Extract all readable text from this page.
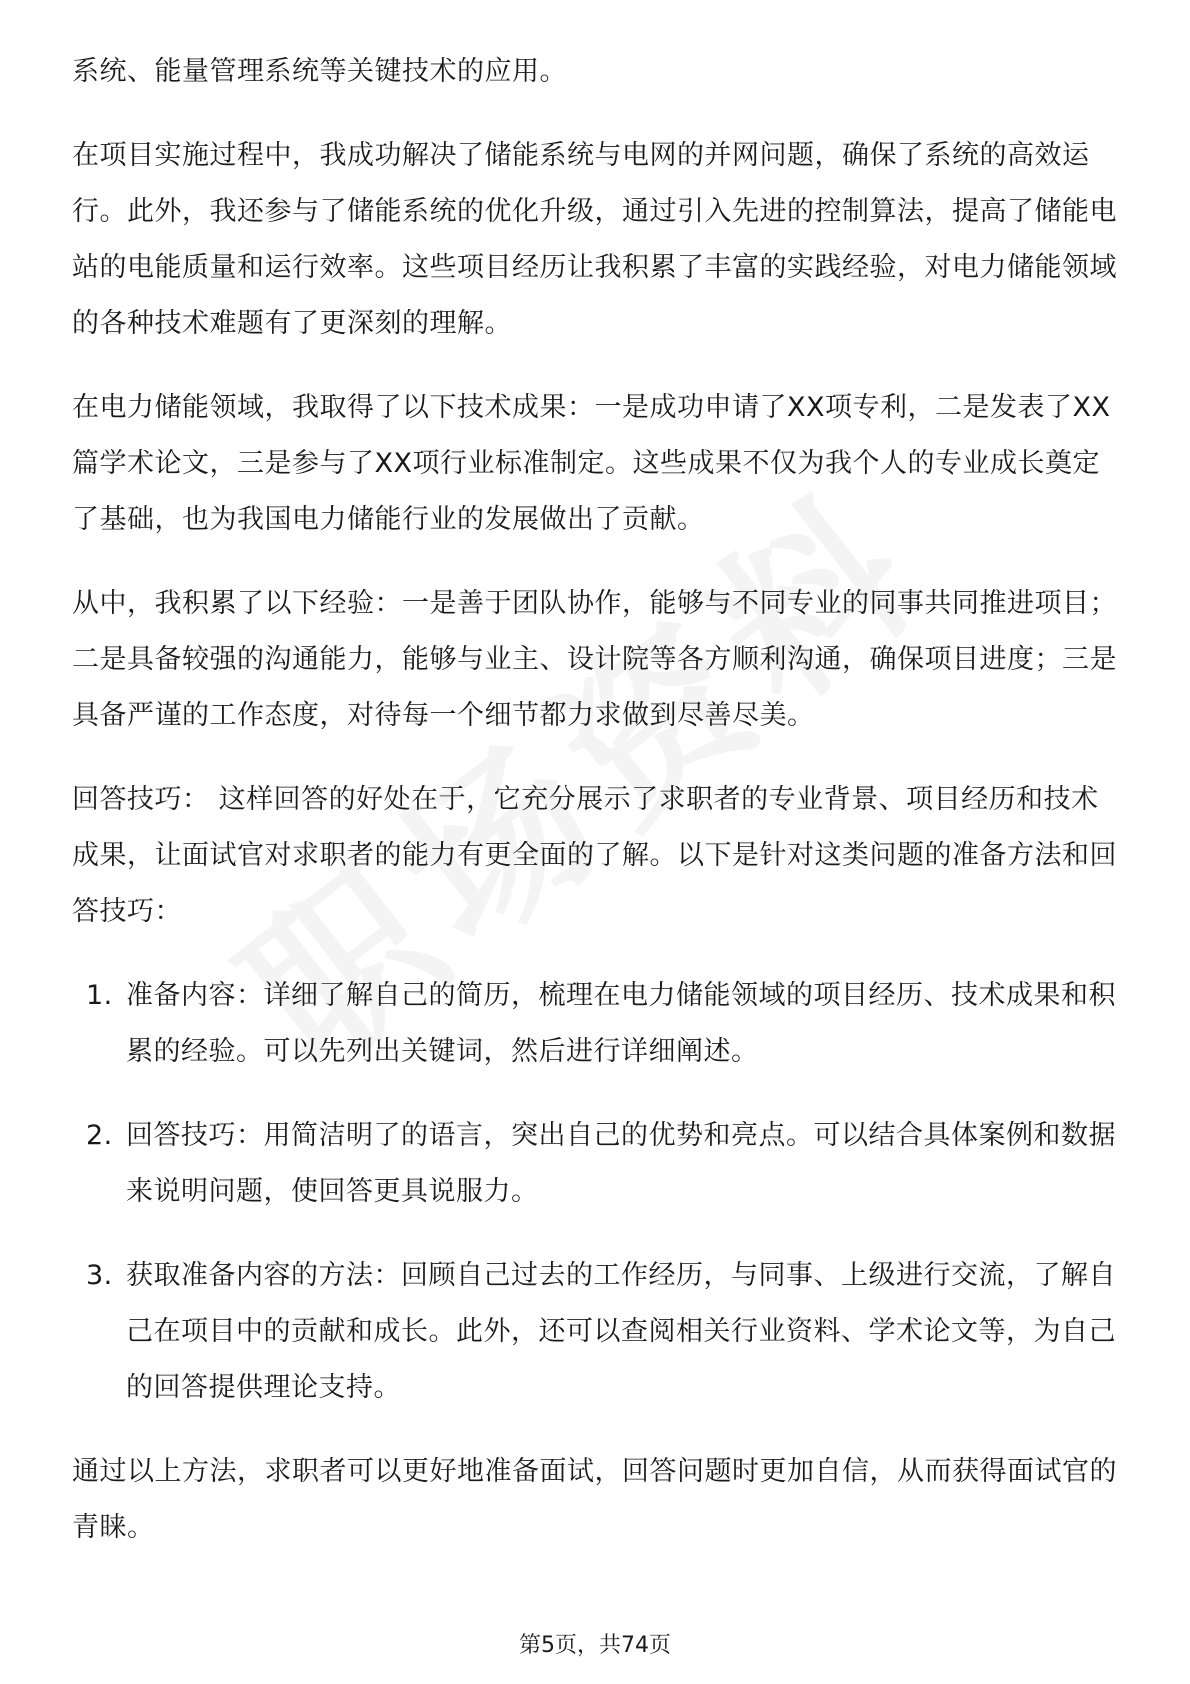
系统、能量管理系统等关键技术的应用。

在项目实施过程中，我成功解决了储能系统与电网的并网问题，确保了系统的高效运行。此外，我还参与了储能系统的优化升级，通过引入先进的控制算法，提高了储能电站的电能质量和运行效率。这些项目经历让我积累了丰富的实践经验，对电力储能领域的各种技术难题有了更深刻的理解。

在电力储能领域，我取得了以下技术成果：一是成功申请了XX项专利，二是发表了XX篇学术论文，三是参与了XX项行业标准制定。这些成果不仅为我个人的专业成长奠定了基础，也为我国电力储能行业的发展做出了贡献。

从中，我积累了以下经验：一是善于团队协作，能够与不同专业的同事共同推进项目；二是具备较强的沟通能力，能够与业主、设计院等各方顺利沟通，确保项目进度；三是具备严谨的工作态度，对待每一个细节都力求做到尽善尽美。

回答技巧： 这样回答的好处在于，它充分展示了求职者的专业背景、项目经历和技术成果，让面试官对求职者的能力有更全面的了解。以下是针对这类问题的准备方法和回答技巧：

1. 准备内容：详细了解自己的简历，梳理在电力储能领域的项目经历、技术成果和积累的经验。可以先列出关键词，然后进行详细阐述。
2. 回答技巧：用简洁明了的语言，突出自己的优势和亮点。可以结合具体案例和数据来说明问题，使回答更具说服力。
3. 获取准备内容的方法：回顾自己过去的工作经历，与同事、上级进行交流，了解自己在项目中的贡献和成长。此外，还可以查阅相关行业资料、学术论文等，为自己的回答提供理论支持。

通过以上方法，求职者可以更好地准备面试，回答问题时更加自信，从而获得面试官的青睐。

第5页，共74页
